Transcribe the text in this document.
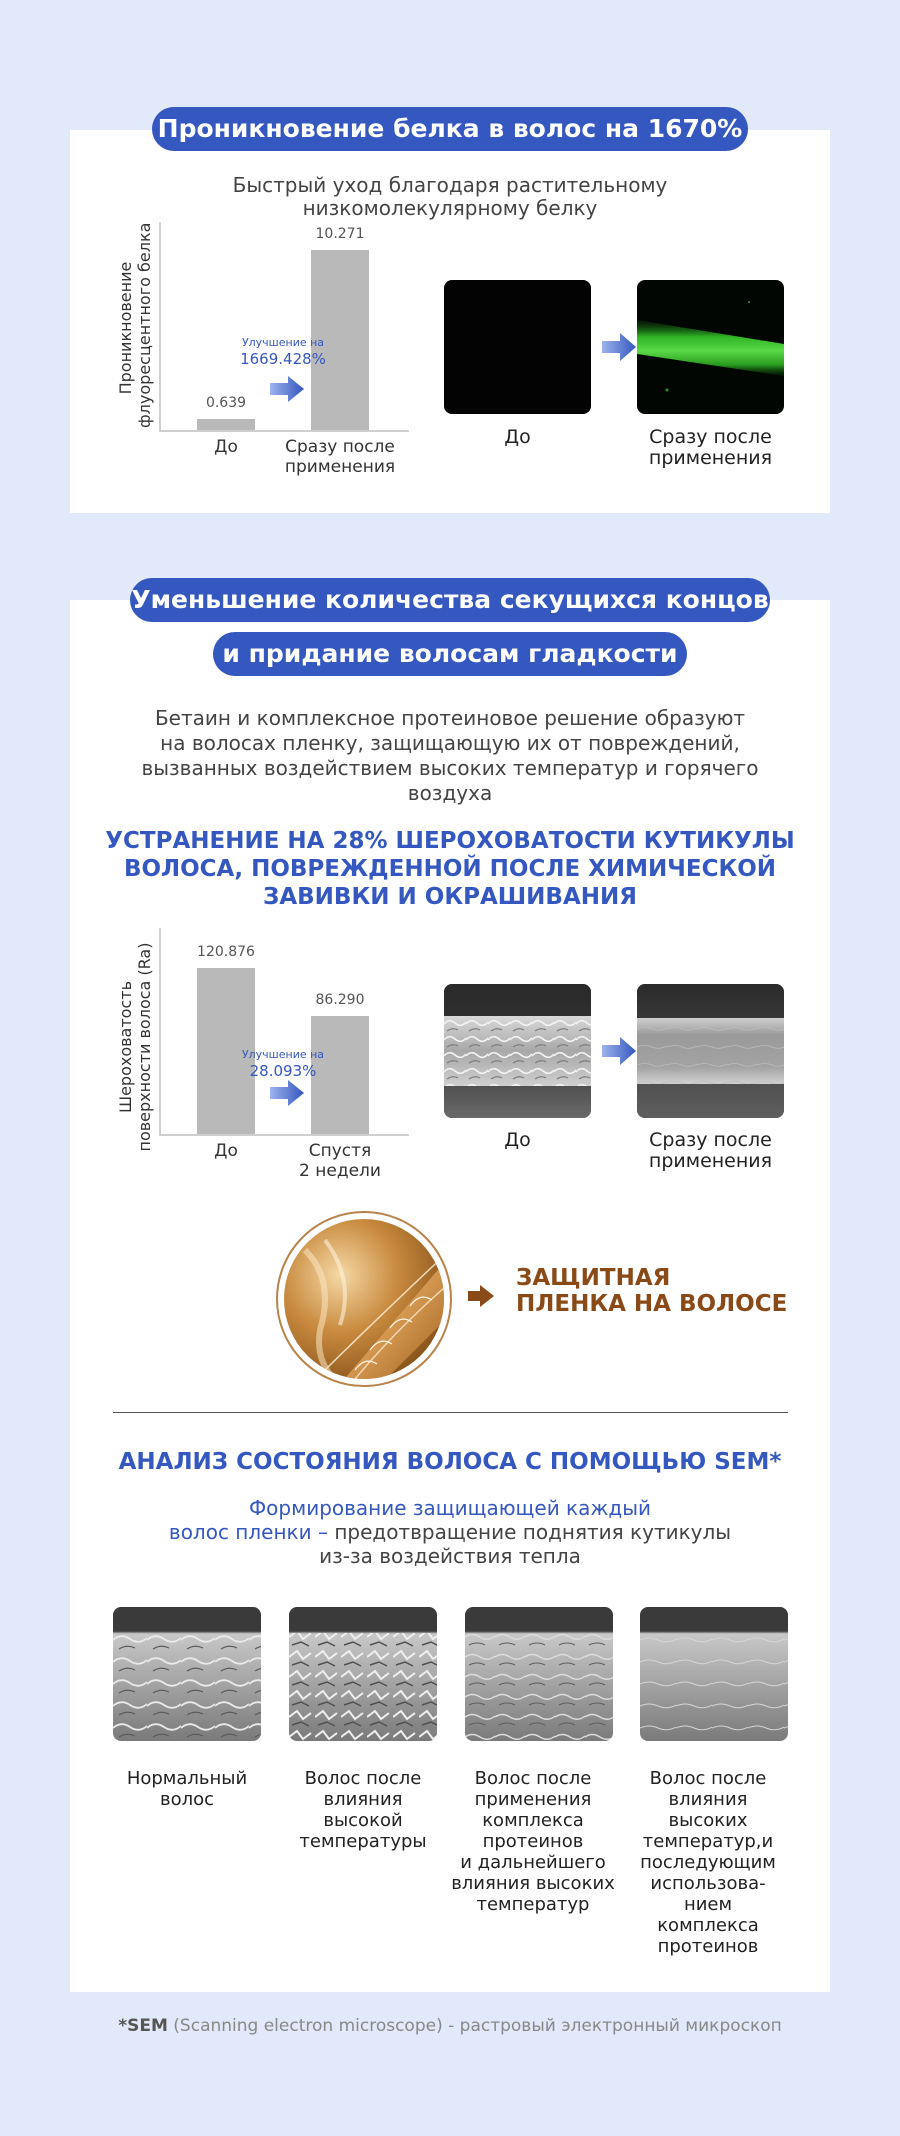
Проникновение белка в волос на 1670%
Быстрый уход благодаря растительному
низкомолекулярному белку
Проникновение флуоресцентного белка	0.639
До
10.271
Сразу после
применения
Улучшение на
1669.428%
До	Сразу после
применения
Уменьшение количества секущихся концов
и придание волосам гладкости
Бетаин и комплексное протеиновое решение образуют
на волосах пленку, защищающую их от повреждений,
вызванных воздействием высоких температур и горячего
воздуха
УСТРАНЕНИЕ НА 28% ШЕРОХОВАТОСТИ КУТИКУЛЫ
ВОЛОСА, ПОВРЕЖДЕННОЙ ПОСЛЕ ХИМИЧЕСКОЙ
ЗАВИВКИ И ОКРАШИВАНИЯ
Шероховатость поверхности волоса (Ra)	120.876
До
86.290
Спустя
2 недели
Улучшение на
28.093%
До	Сразу после
применения
ЗАЩИТНАЯ
ПЛЕНКА НА ВОЛОСЕ
АНАЛИЗ СОСТОЯНИЯ ВОЛОСА С ПОМОЩЬЮ SEM*
Формирование защищающей каждый
волос пленки – предотвращение поднятия кутикулы
из-за воздействия тепла
Нормальный
волос
Волос после
влияния
высокой
температуры
Волос после
применения
комплекса
протеинов
и дальнейшего
влияния высоких
температур
Волос после
влияния
высоких
температур,и
последующим
использова-
нием
комплекса
протеинов
*SEM (Scanning electron microscope) - растровый электронный микроскоп
